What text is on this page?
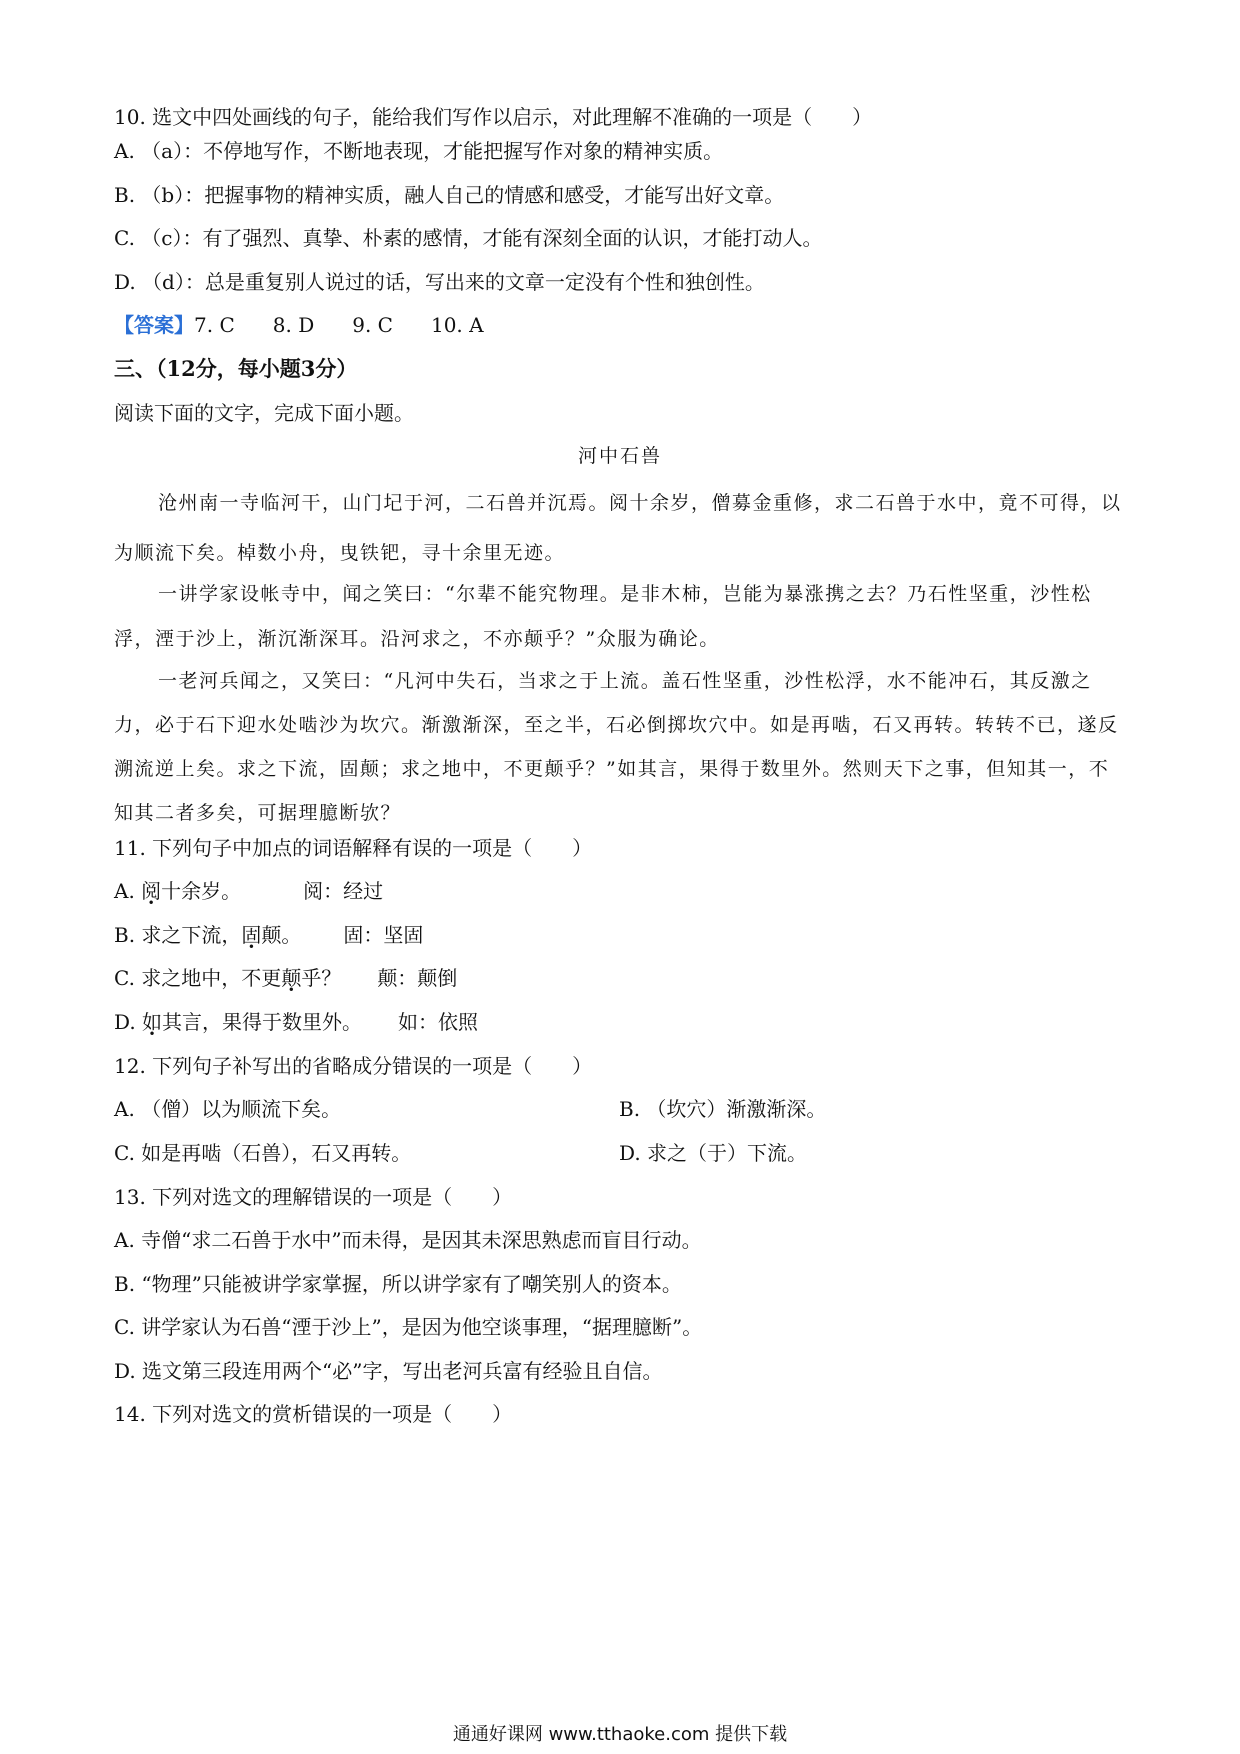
10. 选文中四处画线的句子，能给我们写作以启示，对此理解不准确的一项是（　　）
A. （a）：不停地写作，不断地表现，才能把握写作对象的精神实质。
B. （b）：把握事物的精神实质，融人自己的情感和感受，才能写出好文章。
C. （c）：有了强烈、真挚、朴素的感情，才能有深刻全面的认识，才能打动人。
D. （d）：总是重复别人说过的话，写出来的文章一定没有个性和独创性。
【答案】7. C 8. D 9. C 10. A
三、（12分，每小题3分）
阅读下面的文字，完成下面小题。
河中石兽
沧州南一寺临河干，山门圮于河，二石兽并沉焉。阅十余岁，僧募金重修，求二石兽于水中，竟不可得，以为顺流下矣。棹数小舟，曳铁钯，寻十余里无迹。
一讲学家设帐寺中，闻之笑曰：“尔辈不能究物理。是非木柿，岂能为暴涨携之去？乃石性坚重，沙性松浮，湮于沙上，渐沉渐深耳。沿河求之，不亦颠乎？”众服为确论。
一老河兵闻之，又笑曰：“凡河中失石，当求之于上流。盖石性坚重，沙性松浮，水不能冲石，其反激之力，必于石下迎水处啮沙为坎穴。渐激渐深，至之半，石必倒掷坎穴中。如是再啮，石又再转。转转不已，遂反溯流逆上矣。求之下流，固颠；求之地中，不更颠乎？”如其言，果得于数里外。然则天下之事，但知其一，不知其二者多矣，可据理臆断欤？
11. 下列句子中加点的词语解释有误的一项是（　　）
A. 阅十余岁。	阅：经过
B. 求之下流，固颠。 固：坚固
C. 求之地中，不更颠乎？ 颠：颠倒
D. 如其言，果得于数里外。 如：依照
12. 下列句子补写出的省略成分错误的一项是（　　）
A. （僧）以为顺流下矣。	B. （坎穴）渐激渐深。
C. 如是再啮（石兽），石又再转。	D. 求之（于）下流。
13. 下列对选文的理解错误的一项是（　　）
A. 寺僧“求二石兽于水中”而未得，是因其未深思熟虑而盲目行动。
B. “物理”只能被讲学家掌握，所以讲学家有了嘲笑别人的资本。
C. 讲学家认为石兽“湮于沙上”，是因为他空谈事理，“据理臆断”。
D. 选文第三段连用两个“必”字，写出老河兵富有经验且自信。
14. 下列对选文的赏析错误的一项是（　　）
通通好课网 www.tthaoke.com 提供下载
